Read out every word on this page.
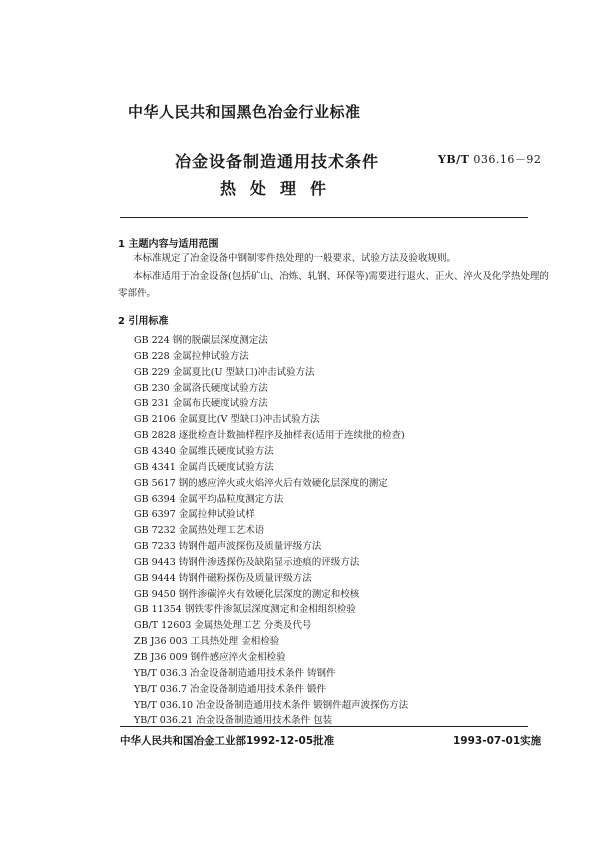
中华人民共和国黑色冶金行业标准
冶金设备制造通用技术条件	YB/T 036.16－92
热处理件
1 主题内容与适用范围
本标准规定了冶金设备中钢制零件热处理的一般要求、试验方法及验收规则。
本标准适用于冶金设备(包括矿山、冶炼、轧钢、环保等)需要进行退火、正火、淬火及化学热处理的
零部件。
2 引用标准
GB 224 钢的脱碳层深度测定法
GB 228 金属拉伸试验方法
GB 229 金属夏比(U 型缺口)冲击试验方法
GB 230 金属洛氏硬度试验方法
GB 231 金属布氏硬度试验方法
GB 2106 金属夏比(V 型缺口)冲击试验方法
GB 2828 逐批检查计数抽样程序及抽样表(适用于连续批的检查)
GB 4340 金属维氏硬度试验方法
GB 4341 金属肖氏硬度试验方法
GB 5617 钢的感应淬火或火焰淬火后有效硬化层深度的测定
GB 6394 金属平均晶粒度测定方法
GB 6397 金属拉伸试验试样
GB 7232 金属热处理工艺术语
GB 7233 铸钢件超声波探伤及质量评级方法
GB 9443 铸钢件渗透探伤及缺陷显示迹痕的评级方法
GB 9444 铸钢件磁粉探伤及质量评级方法
GB 9450 钢件渗碳淬火有效硬化层深度的测定和校核
GB 11354 钢铁零件渗氮层深度测定和金相组织检验
GB/T 12603 金属热处理工艺 分类及代号
ZB J36 003 工具热处理 金相检验
ZB J36 009 钢件感应淬火金相检验
YB/T 036.3 冶金设备制造通用技术条件 铸钢件
YB/T 036.7 冶金设备制造通用技术条件 锻件
YB/T 036.10 冶金设备制造通用技术条件 锻钢件超声波探伤方法
YB/T 036.21 冶金设备制造通用技术条件 包装
中华人民共和国冶金工业部1992-12-05批准	1993-07-01实施
